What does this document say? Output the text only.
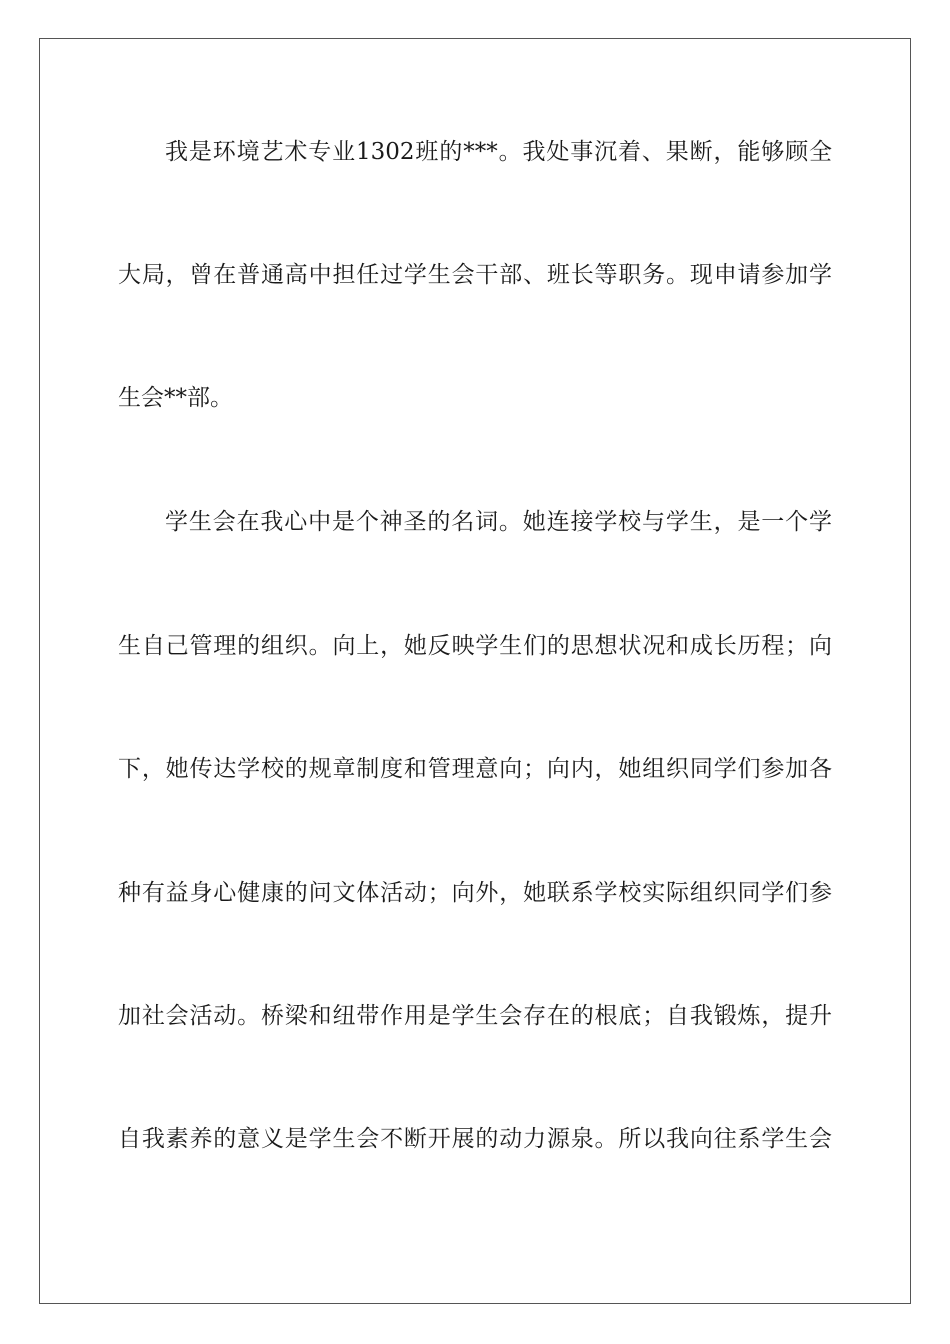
我是环境艺术专业1302班的***。我处事沉着、果断，能够顾全
大局，曾在普通高中担任过学生会干部、班长等职务。现申请参加学
生会**部。
学生会在我心中是个神圣的名词。她连接学校与学生，是一个学
生自己管理的组织。向上，她反映学生们的思想状况和成长历程；向
下，她传达学校的规章制度和管理意向；向内，她组织同学们参加各
种有益身心健康的问文体活动；向外，她联系学校实际组织同学们参
加社会活动。桥梁和纽带作用是学生会存在的根底；自我锻炼，提升
自我素养的意义是学生会不断开展的动力源泉。所以我向往系学生会
